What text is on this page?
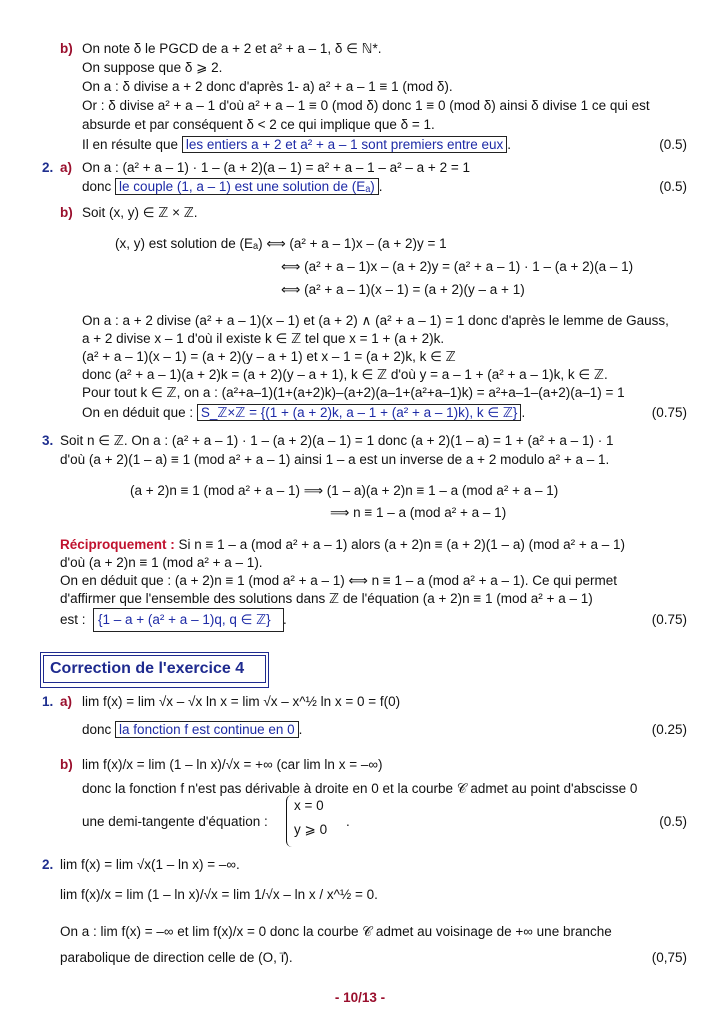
b) On note δ le PGCD de a + 2 et a² + a – 1, δ ∈ ℕ*.
On suppose que δ ⩾ 2.
On a : δ divise a + 2 donc d'après 1- a) a² + a – 1 ≡ 1 (mod δ).
Or : δ divise a² + a – 1 d'où a² + a – 1 ≡ 0 (mod δ) donc 1 ≡ 0 (mod δ) ainsi δ divise 1 ce qui est
absurde et par conséquent δ < 2 ce qui implique que δ = 1.
Il en résulte que les entiers a + 2 et a² + a – 1 sont premiers entre eux .	(0.5)
2. a) On a : (a² + a – 1) · 1 – (a + 2)(a – 1) = a² + a – 1 – a² – a + 2 = 1
donc le couple (1, a – 1) est une solution de (Eₐ) .	(0.5)
b) Soit (x, y) ∈ ℤ × ℤ.
(x, y) est solution de (Eₐ) ⟺ (a² + a – 1)x – (a + 2)y = 1
⟺ (a² + a – 1)x – (a + 2)y = (a² + a – 1) · 1 – (a + 2)(a – 1)
⟺ (a² + a – 1)(x – 1) = (a + 2)(y – a + 1)
On a : a + 2 divise (a² + a – 1)(x – 1) et (a + 2) ∧ (a² + a – 1) = 1 donc d'après le lemme de Gauss,
a + 2 divise x – 1 d'où il existe k ∈ ℤ tel que x = 1 + (a + 2)k.
(a² + a – 1)(x – 1) = (a + 2)(y – a + 1) et x – 1 = (a + 2)k, k ∈ ℤ
donc (a² + a – 1)(a + 2)k = (a + 2)(y – a + 1), k ∈ ℤ d'où y = a – 1 + (a² + a – 1)k, k ∈ ℤ.
Pour tout k ∈ ℤ, on a : (a²+a–1)(1+(a+2)k)–(a+2)(a–1+(a²+a–1)k) = a²+a–1–(a+2)(a–1) = 1
On en déduit que : S_ℤ×ℤ = {(1 + (a + 2)k, a – 1 + (a² + a – 1)k), k ∈ ℤ} .	(0.75)
3. Soit n ∈ ℤ. On a : (a² + a – 1) · 1 – (a + 2)(a – 1) = 1 donc (a + 2)(1 – a) = 1 + (a² + a – 1) · 1
d'où (a + 2)(1 – a) ≡ 1 (mod a² + a – 1) ainsi 1 – a est un inverse de a + 2 modulo a² + a – 1.
(a + 2)n ≡ 1 (mod a² + a – 1) ⟹ (1 – a)(a + 2)n ≡ 1 – a (mod a² + a – 1)
⟹ n ≡ 1 – a (mod a² + a – 1)
Réciproquement : Si n ≡ 1 – a (mod a² + a – 1) alors (a + 2)n ≡ (a + 2)(1 – a) (mod a² + a – 1)
d'où (a + 2)n ≡ 1 (mod a² + a – 1).
On en déduit que : (a + 2)n ≡ 1 (mod a² + a – 1) ⟺ n ≡ 1 – a (mod a² + a – 1). Ce qui permet
d'affirmer que l'ensemble des solutions dans ℤ de l'équation (a + 2)n ≡ 1 (mod a² + a – 1)
est : {1 – a + (a² + a – 1)q, q ∈ ℤ} .	(0.75)
Correction de l'exercice 4
1. a) lim f(x) = lim √x – √x ln x = lim √x – x^½ ln x = 0 = f(0)
donc la fonction f est continue en 0 .	(0.25)
b) lim f(x)/x = lim (1 – ln x)/√x = +∞ (car lim ln x = –∞)
donc la fonction f n'est pas dérivable à droite en 0 et la courbe 𝒞 admet au point d'abscisse 0
une demi-tangente d'équation :
x = 0
y ⩾ 0
.	(0.5)
2. lim f(x) = lim √x(1 – ln x) = –∞.
lim f(x)/x = lim (1 – ln x)/√x = lim 1/√x – ln x / x^½ = 0.
On a : lim f(x) = –∞ et lim f(x)/x = 0 donc la courbe 𝒞 admet au voisinage de +∞ une branche
parabolique de direction celle de (O, i⃗).	(0,75)
- 10/13 -
